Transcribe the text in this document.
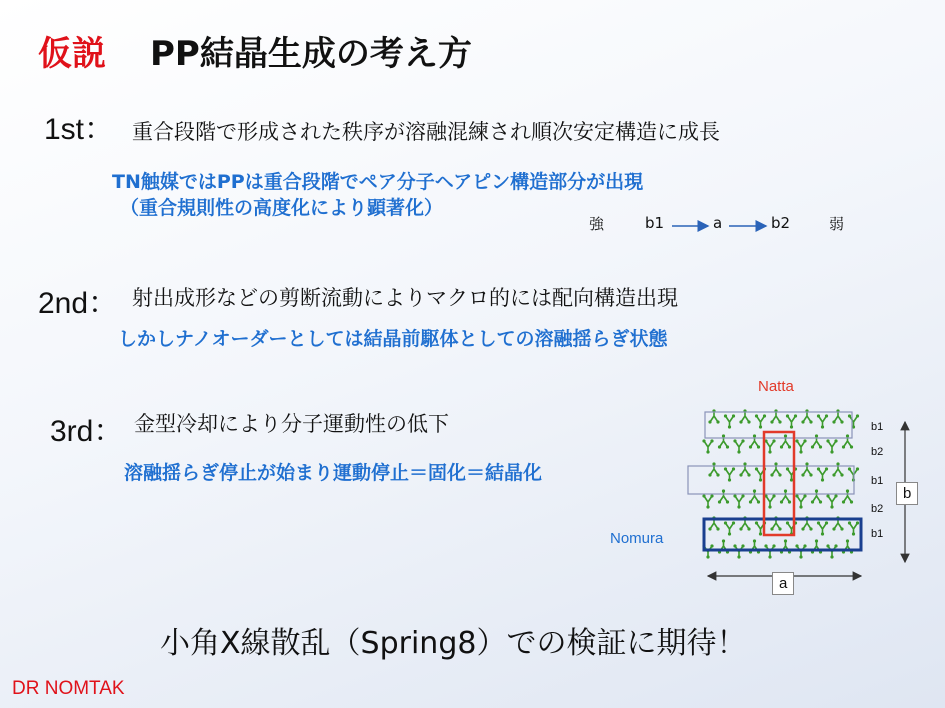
仮説 PP結晶生成の考え方
1st： 重合段階で形成された秩序が溶融混練され順次安定構造に成長
TN触媒ではPPは重合段階でペア分子ヘアピン構造部分が出現
（重合規則性の高度化により顕著化）
強	b1	a	b2	弱
2nd： 射出成形などの剪断流動によりマクロ的には配向構造出現
しかしナノオーダーとしては結晶前駆体としての溶融揺らぎ状態
3rd： 金型冷却により分子運動性の低下
溶融揺らぎ停止が始まり運動停止＝固化＝結晶化
Natta
Nomura
b1
b2
b1
b2
b1
b
a
小角X線散乱（Spring8）での検証に期待！
DR NOMTAK
